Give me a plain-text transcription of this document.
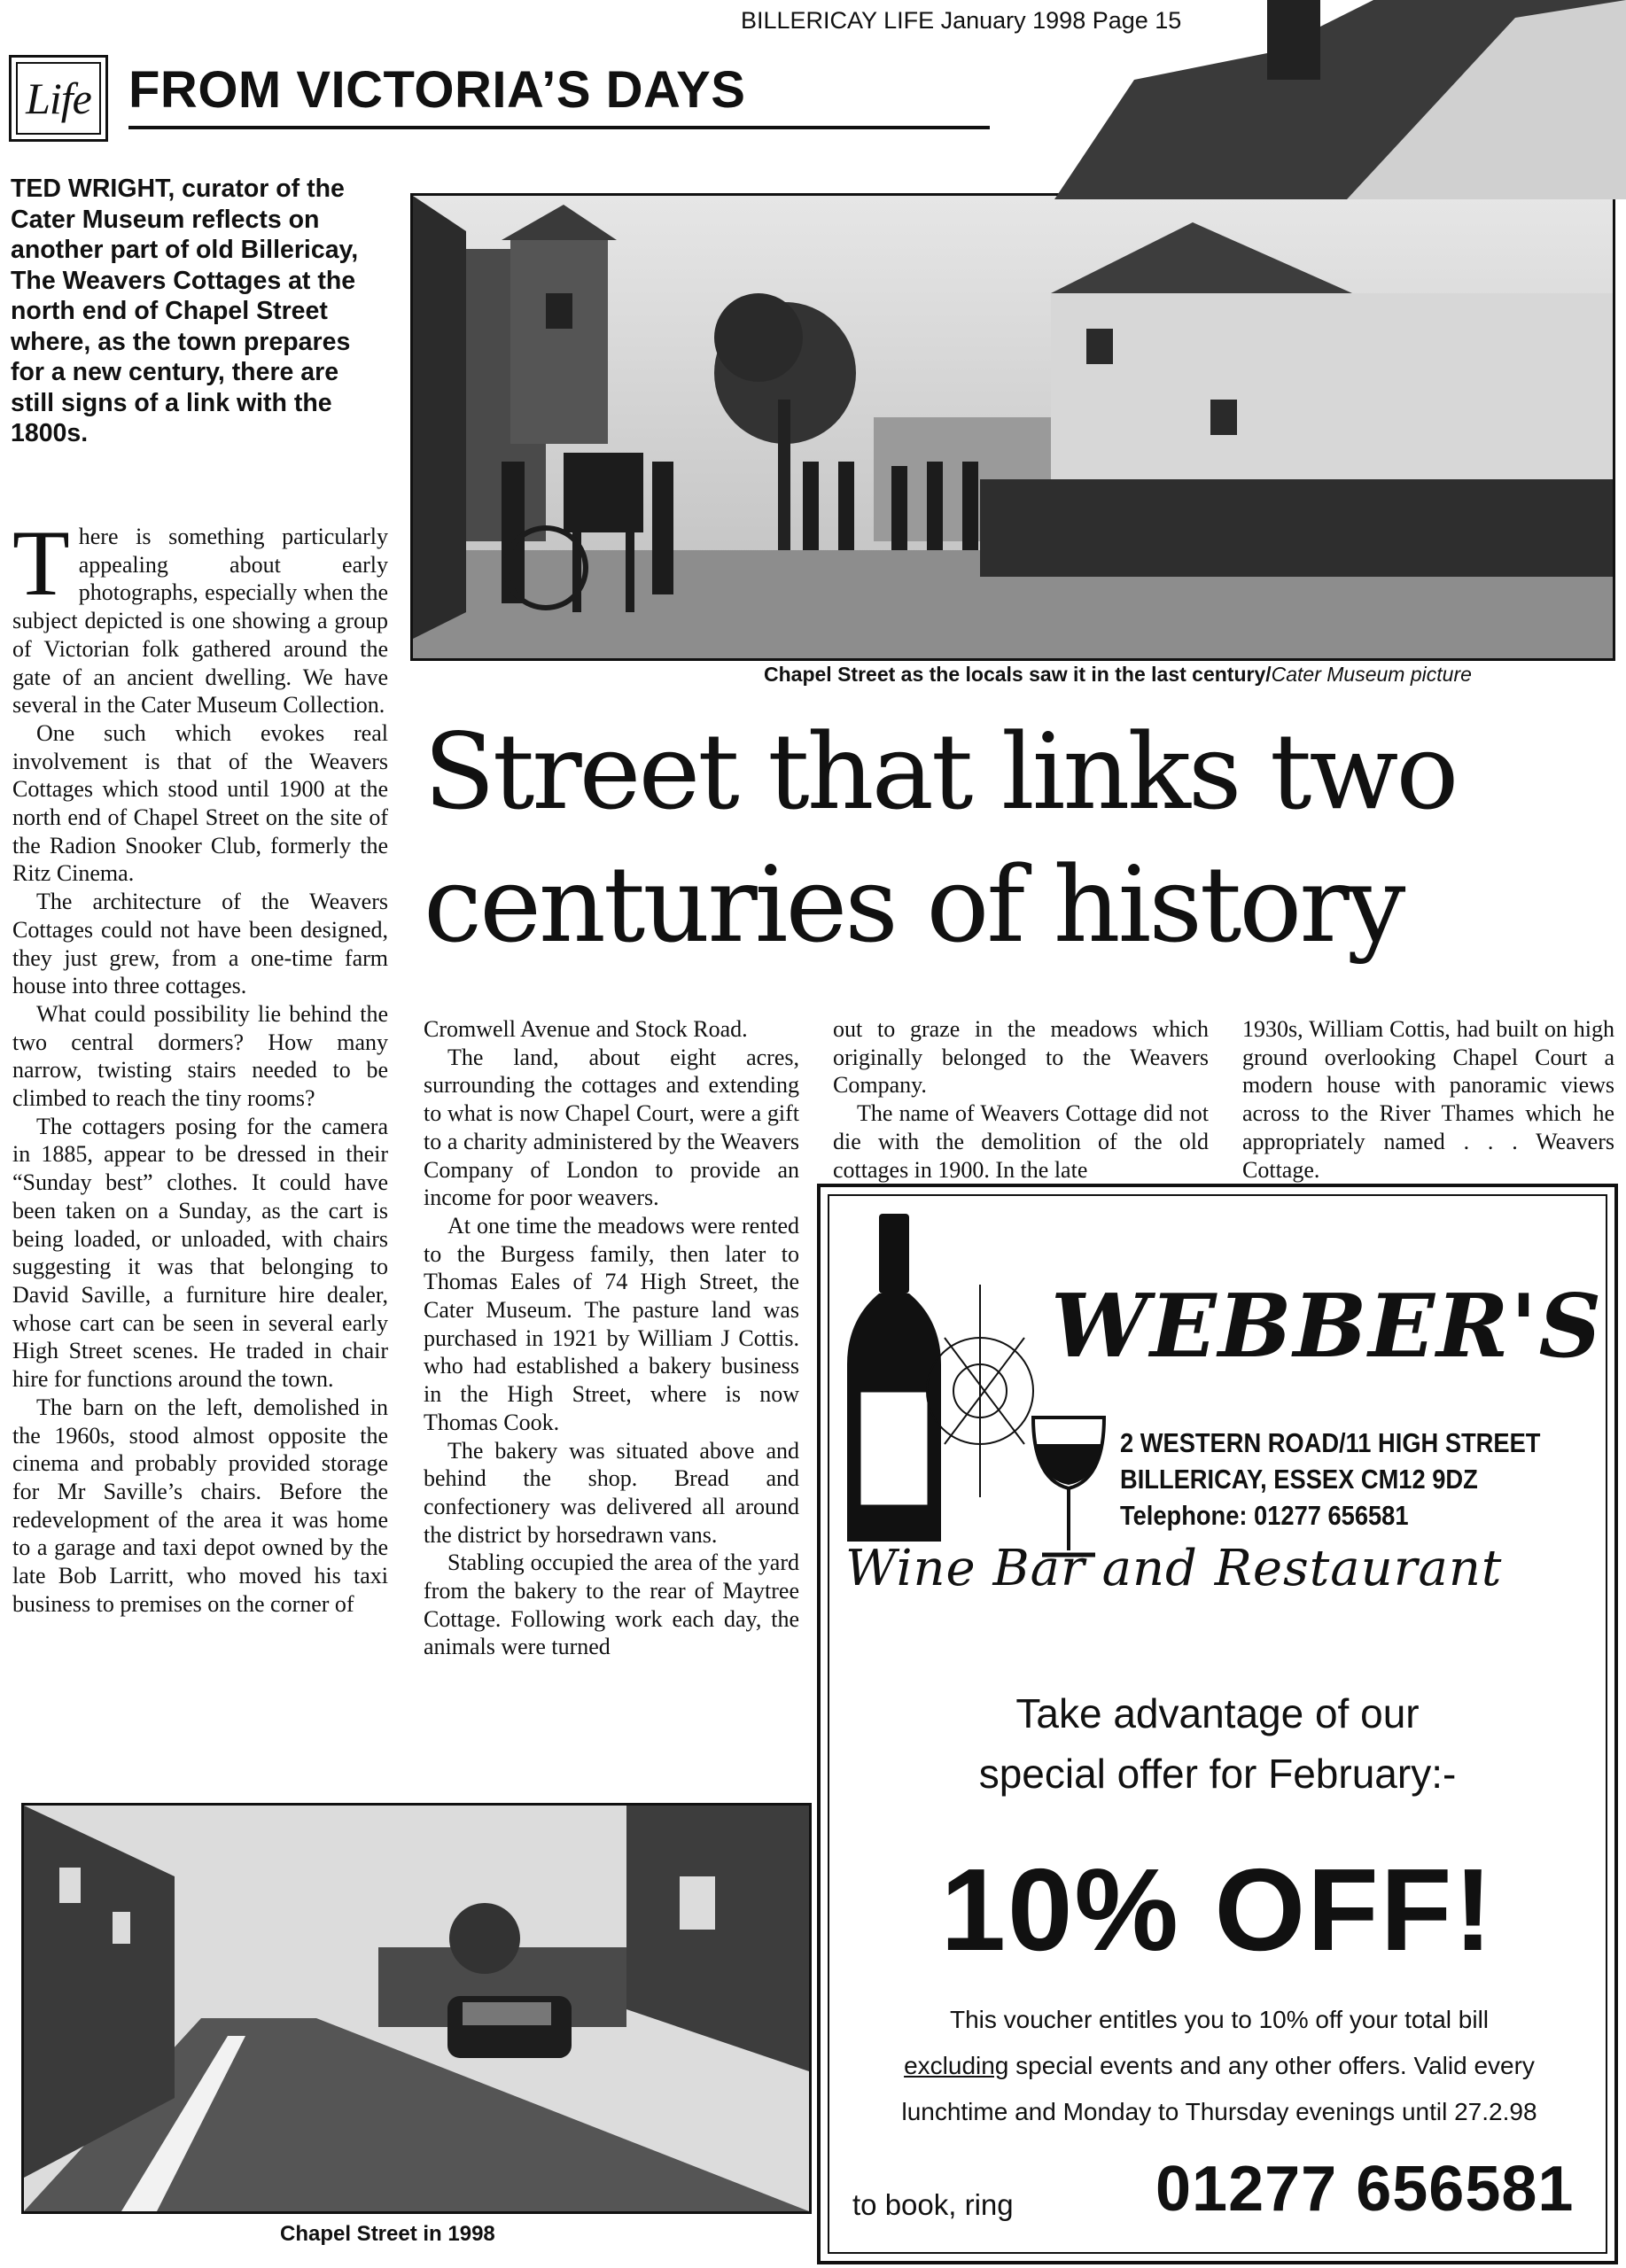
BILLERICAY LIFE January 1998 Page 15
Life FROM VICTORIA’S DAYS
TED WRIGHT, curator of the Cater Museum reflects on another part of old Billericay, The Weavers Cottages at the north end of Chapel Street where, as the town prepares for a new century, there are still signs of a link with the 1800s.
T here is something particularly appealing about early photographs, especially when the subject depicted is one showing a group of Victorian folk gathered around the gate of an ancient dwelling. We have several in the Cater Museum Collection.

One such which evokes real involvement is that of the Weavers Cottages which stood until 1900 at the north end of Chapel Street on the site of the Radion Snooker Club, formerly the Ritz Cinema.

The architecture of the Weavers Cottages could not have been designed, they just grew, from a one-time farm house into three cottages.

What could possibility lie behind the two central dormers? How many narrow, twisting stairs needed to be climbed to reach the tiny rooms?

The cottagers posing for the camera in 1885, appear to be dressed in their “Sunday best” clothes. It could have been taken on a Sunday, as the cart is being loaded, or unloaded, with chairs suggesting it was that belonging to David Saville, a furniture hire dealer, whose cart can be seen in several early High Street scenes. He traded in chair hire for functions around the town.

The barn on the left, demolished in the 1960s, stood almost opposite the cinema and probably provided storage for Mr Saville’s chairs. Before the redevelopment of the area it was home to a garage and taxi depot owned by the late Bob Larritt, who moved his taxi business to premises on the corner of

Chapel Street as the locals saw it in the last century/Cater Museum picture
Street that links two
centuries of history

Cromwell Avenue and Stock Road.

The land, about eight acres, surrounding the cottages and extending to what is now Chapel Court, were a gift to a charity administered by the Weavers Company of London to provide an income for poor weavers.

At one time the meadows were rented to the Burgess family, then later to Thomas Eales of 74 High Street, the Cater Museum. The pasture land was purchased in 1921 by William J Cottis. who had established a bakery business in the High Street, where is now Thomas Cook.

The bakery was situated above and behind the shop. Bread and confectionery was delivered all around the district by horsedrawn vans.

Stabling occupied the area of the yard from the bakery to the rear of Maytree Cottage. Following work each day, the animals were turned

out to graze in the meadows which originally belonged to the Weavers Company.

The name of Weavers Cottage did not die with the demolition of the old cottages in 1900. In the late

1930s, William Cottis, had built on high ground overlooking Chapel Court a modern house with panoramic views across to the River Thames which he appropriately named . . . Weavers Cottage.

Chapel Street in 1998
WEBBER'S
2 WESTERN ROAD/11 HIGH STREET
BILLERICAY, ESSEX CM12 9DZ
Telephone: 01277 656581
Wine Bar and Restaurant
Take advantage of our
special offer for February:-
10% OFF!
This voucher entitles you to 10% off your total bill
excluding special events and any other offers. Valid every
lunchtime and Monday to Thursday evenings until 27.2.98
to book, ring 01277 656581
